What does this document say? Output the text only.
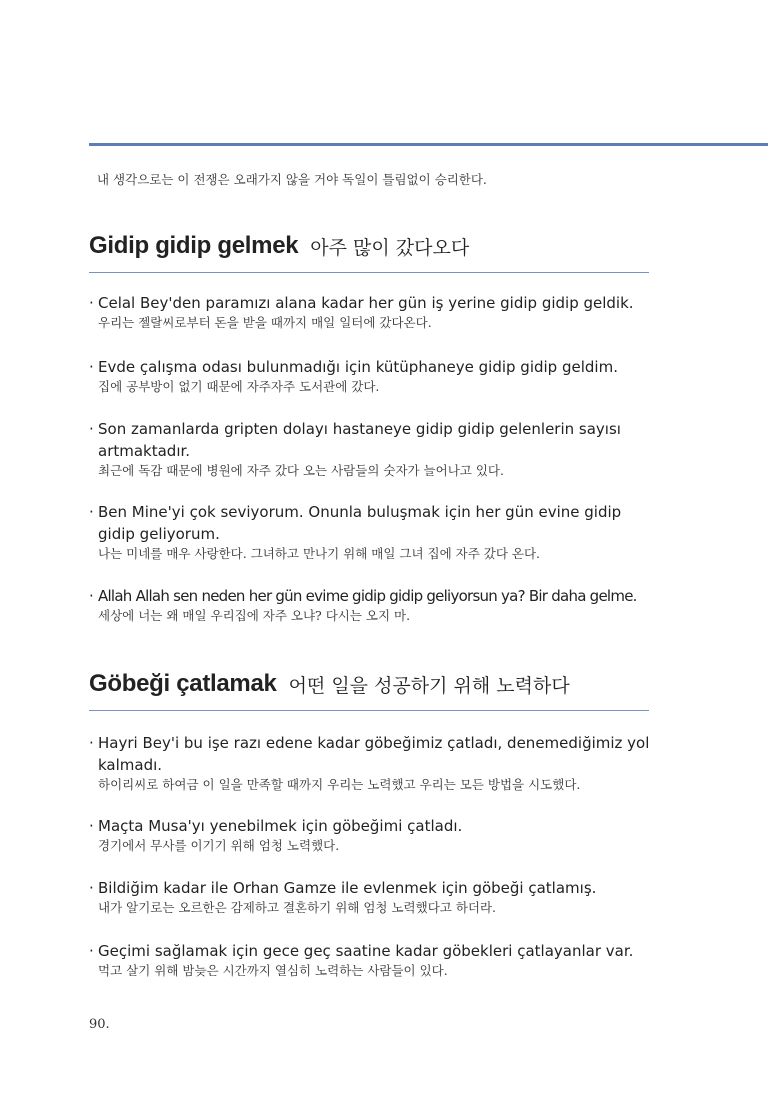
내 생각으로는 이 전쟁은 오래가지 않을 거야 독일이 틀림없이 승리한다.
Gidip gidip gelmek 아주 많이 갔다오다
· Celal Bey'den paramızı alana kadar her gün iş yerine gidip gidip geldik.
우리는 젤랄씨로부터 돈을 받을 때까지 매일 일터에 갔다온다.
· Evde çalışma odası bulunmadığı için kütüphaneye gidip gidip geldim.
집에 공부방이 없기 때문에 자주자주 도서관에 갔다.
· Son zamanlarda gripten dolayı hastaneye gidip gidip gelenlerin sayısı artmaktadır.
최근에 독감 때문에 병원에 자주 갔다 오는 사람들의 숫자가 늘어나고 있다.
· Ben Mine'yi çok seviyorum. Onunla buluşmak için her gün evine gidip gidip geliyorum.
나는 미네를 매우 사랑한다. 그녀하고 만나기 위해 매일 그녀 집에 자주 갔다 온다.
· Allah Allah sen neden her gün evime gidip gidip geliyorsun ya? Bir daha gelme.
세상에 너는 왜 매일 우리집에 자주 오냐? 다시는 오지 마.
Göbeği çatlamak 어떤 일을 성공하기 위해 노력하다
· Hayri Bey'i bu işe razı edene kadar göbeğimiz çatladı, denemediğimiz yol kalmadı.
하이리씨로 하여금 이 일을 만족할 때까지 우리는 노력했고 우리는 모든 방법을 시도했다.
· Maçta Musa'yı yenebilmek için göbeğimi çatladı.
경기에서 무사를 이기기 위해 엄청 노력했다.
· Bildiğim kadar ile Orhan Gamze ile evlenmek için göbeği çatlamış.
내가 알기로는 오르한은 감제하고 결혼하기 위해 엄청 노력했다고 하더라.
· Geçimi sağlamak için gece geç saatine kadar göbekleri çatlayanlar var.
먹고 살기 위해 밤늦은 시간까지 열심히 노력하는 사람들이 있다.
90.
